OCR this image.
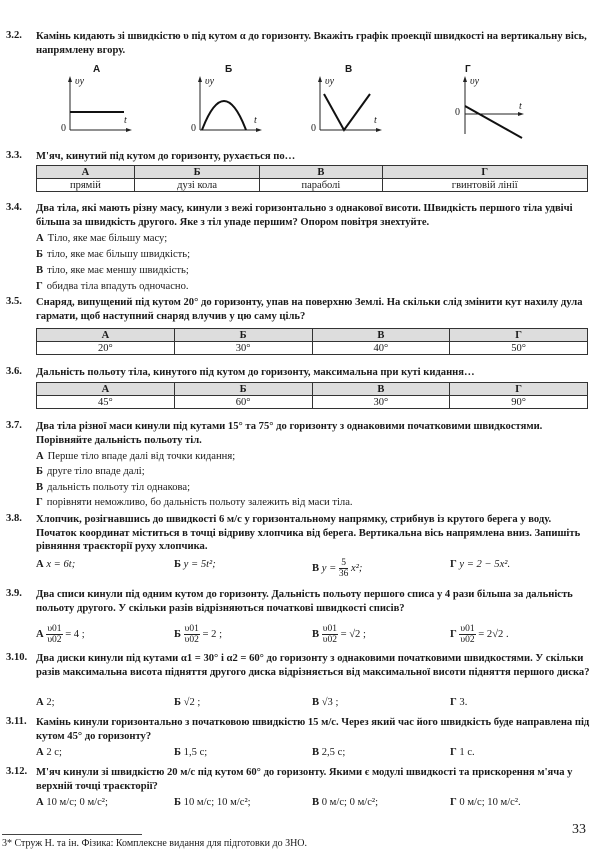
3.2. Камінь кидають зі швидкістю υ під кутом α до горизонту. Вкажіть графік проекції швидкості на вертикальну вісь, напрямлену вгору.
А	Б	В	Г
υy	υy	υy	υy
t	t	t
t
0	0	0
0
3.3. М'яч, кинутий під кутом до горизонту, рухається по…
А	Б	В	Г
прямій	дузі кола	параболі	гвинтовій лінії
3.4. Два тіла, які мають різну масу, кинули з вежі горизонтально з однакової висоти. Швидкість першого тіла удвічі більша за швидкість другого. Яке з тіл упаде першим? Опором повітря знехтуйте.
А Тіло, яке має більшу масу;
Б тіло, яке має більшу швидкість;
В тіло, яке має меншу швидкість;
Г обидва тіла впадуть одночасно.
3.5. Снаряд, випущений під кутом 20° до горизонту, упав на поверхню Землі. На скільки слід змінити кут нахилу дула гармати, щоб наступний снаряд влучив у цю саму ціль?
А	Б	В	Г
20°	30°	40°	50°
3.6. Дальність польоту тіла, кинутого під кутом до горизонту, максимальна при куті кидання…
А	Б	В	Г
45°	60°	30°	90°
3.7. Два тіла різної маси кинули під кутами 15° та 75° до горизонту з однаковими початковими швидкостями. Порівняйте дальність польоту тіл.
А Перше тіло впаде далі від точки кидання;
Б друге тіло впаде далі;
В дальність польоту тіл однакова;
Г порівняти неможливо, бо дальність польоту залежить від маси тіла.
3.8. Хлопчик, розігнавшись до швидкості 6 м/с у горизонтальному напрямку, стрибнув із крутого берега у воду. Початок координат міститься в точці відриву хлопчика від берега. Вертикальна вісь напрямлена вниз. Запишіть рівняння траєкторії руху хлопчика.
А x = 6t;	Б y = 5t²;	В $y = \frac{5}{36} x^2$;	Г y = 2 − 5x².
3.9. Два списи кинули під одним кутом до горизонту. Дальність польоту першого списа у 4 рази більша за дальність польоту другого. У скільки разів відрізняються початкові швидкості списів?
А $\frac{\upsilon 01}{\upsilon 02} = 4$ ;	Б $\frac{\upsilon 01}{\upsilon 02} = 2$ ;	В $\frac{\upsilon 01}{\upsilon 02} = √2$ ;	Г $\frac{\upsilon 01}{\upsilon 02} = 2√2$ .
3.10. Два диски кинули під кутами α1 = 30° і α2 = 60° до горизонту з однаковими початковими швидкостями. У скільки разів максимальна висота підняття другого диска відрізняється від максимальної висоти підняття першого диска?
А 2;	Б √2 ;	В √3 ;	Г 3.
3.11. Камінь кинули горизонтально з початковою швидкістю 15 м/с. Через який час його швидкість буде направлена під кутом 45° до горизонту?
А 2 с;	Б 1,5 с;	В 2,5 с;	Г 1 с.
3.12. М'яч кинули зі швидкістю 20 м/с під кутом 60° до горизонту. Якими є модулі швидкості та прискорення м'яча у верхній точці траєкторії?
А 10 м/с; 0 м/с²;	Б 10 м/с; 10 м/с²;	В 0 м/с; 0 м/с²;	Г 0 м/с; 10 м/с².
33
3* Струж Н. та ін. Фізика: Комплексне видання для підготовки до ЗНО.
